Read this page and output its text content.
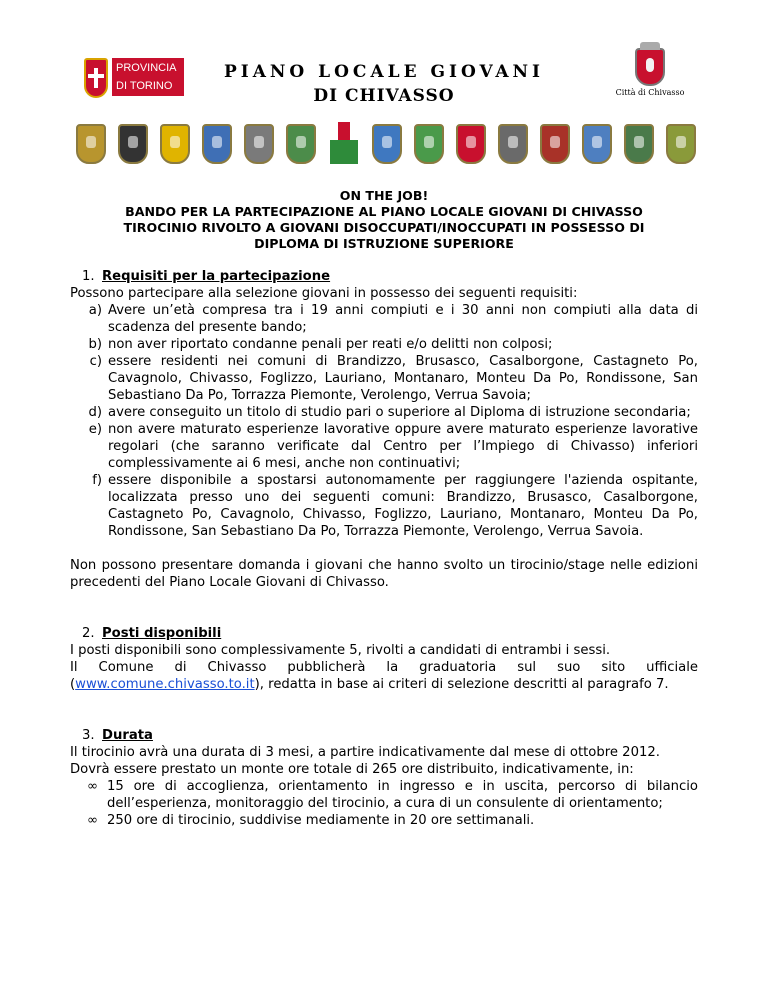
PROVINCIA
DI TORINO
PIANO LOCALE GIOVANI
DI CHIVASSO	Città di Chivasso
ON THE JOB!
BANDO PER LA PARTECIPAZIONE AL PIANO LOCALE GIOVANI DI CHIVASSO
TIROCINIO RIVOLTO A GIOVANI DISOCCUPATI/INOCCUPATI IN POSSESSO DI
DIPLOMA DI ISTRUZIONE SUPERIORE
1. Requisiti per la partecipazione
Possono partecipare alla selezione giovani in possesso dei seguenti requisiti:
a) Avere un’età compresa tra i 19 anni compiuti e i 30 anni non compiuti alla data di scadenza del presente bando;
b) non aver riportato condanne penali per reati e/o delitti non colposi;
c) essere residenti nei comuni di Brandizzo, Brusasco, Casalborgone, Castagneto Po, Cavagnolo, Chivasso, Foglizzo, Lauriano, Montanaro, Monteu Da Po, Rondissone, San Sebastiano Da Po, Torrazza Piemonte, Verolengo, Verrua Savoia;
d) avere conseguito un titolo di studio pari o superiore al Diploma di istruzione secondaria;
e) non avere maturato esperienze lavorative oppure avere maturato esperienze lavorative regolari (che saranno verificate dal Centro per l’Impiego di Chivasso) inferiori complessivamente ai 6 mesi, anche non continuativi;
f) essere disponibile a spostarsi autonomamente per raggiungere l'azienda ospitante, localizzata presso uno dei seguenti comuni: Brandizzo, Brusasco, Casalborgone, Castagneto Po, Cavagnolo, Chivasso, Foglizzo, Lauriano, Montanaro, Monteu Da Po, Rondissone, San Sebastiano Da Po, Torrazza Piemonte, Verolengo, Verrua Savoia.
Non possono presentare domanda i giovani che hanno svolto un tirocinio/stage nelle edizioni precedenti del Piano Locale Giovani di Chivasso.
2. Posti disponibili
I posti disponibili sono complessivamente 5, rivolti a candidati di entrambi i sessi.
Il Comune di Chivasso pubblicherà la graduatoria sul suo sito ufficiale (www.comune.chivasso.to.it), redatta in base ai criteri di selezione descritti al paragrafo 7.
3. Durata
Il tirocinio avrà una durata di 3 mesi, a partire indicativamente dal mese di ottobre 2012.
Dovrà essere prestato un monte ore totale di 265 ore distribuito, indicativamente, in:
∞ 15 ore di accoglienza, orientamento in ingresso e in uscita, percorso di bilancio dell’esperienza, monitoraggio del tirocinio, a cura di un consulente di orientamento;
∞ 250 ore di tirocinio, suddivise mediamente in 20 ore settimanali.
